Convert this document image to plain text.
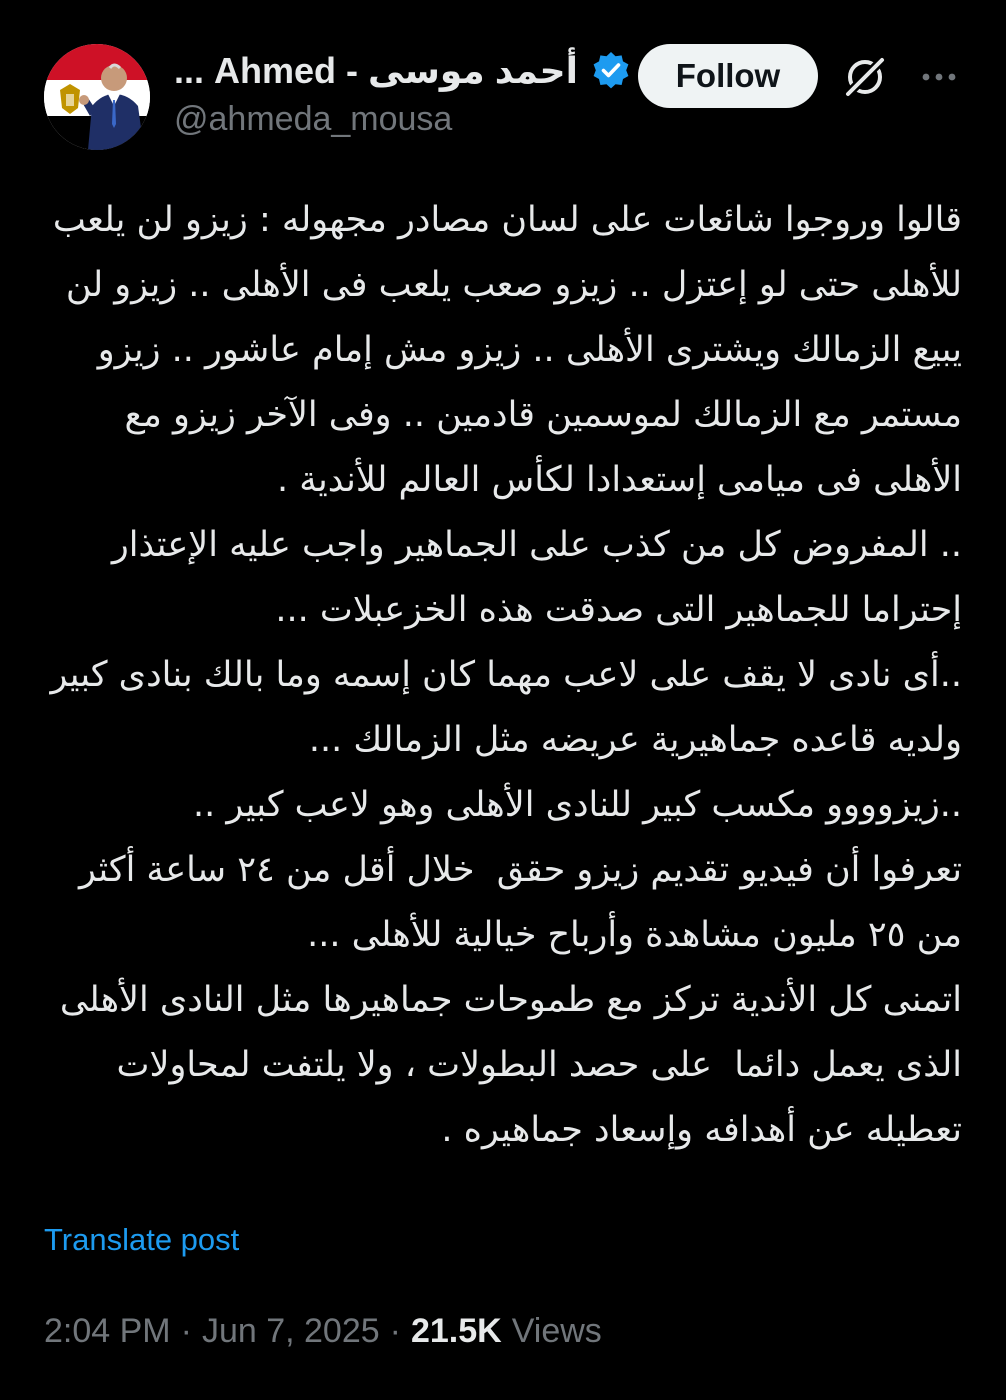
أحمد موسى - Ahmed ...
@ahmeda_mousa
Follow

قالوا وروجوا شائعات على لسان مصادر مجهوله : زيزو لن يلعب للأهلى حتى لو إعتزل .. زيزو صعب يلعب فى الأهلى .. زيزو لن يبيع الزمالك ويشترى الأهلى .. زيزو مش إمام عاشور .. زيزو مستمر مع الزمالك لموسمين قادمين .. وفى الآخر زيزو مع الأهلى فى ميامى إستعدادا لكأس العالم للأندية .
.. المفروض كل من كذب على الجماهير واجب عليه الإعتذار إحتراما للجماهير التى صدقت هذه الخزعبلات ...
..أى نادى لا يقف على لاعب مهما كان إسمه وما بالك بنادى كبير ولديه قاعده جماهيرية عريضه مثل الزمالك ...
..زيزوووو مكسب كبير للنادى الأهلى وهو لاعب كبير ..
تعرفوا أن فيديو تقديم زيزو حقق  خلال أقل من ٢٤ ساعة أكثر من ٢٥ مليون مشاهدة وأرباح خيالية للأهلى ...
اتمنى كل الأندية تركز مع طموحات جماهيرها مثل النادى الأهلى الذى يعمل دائما  على حصد البطولات ، ولا يلتفت لمحاولات تعطيله عن أهدافه وإسعاد جماهيره .

Translate post
2:04 PM · Jun 7, 2025 · 21.5K Views
